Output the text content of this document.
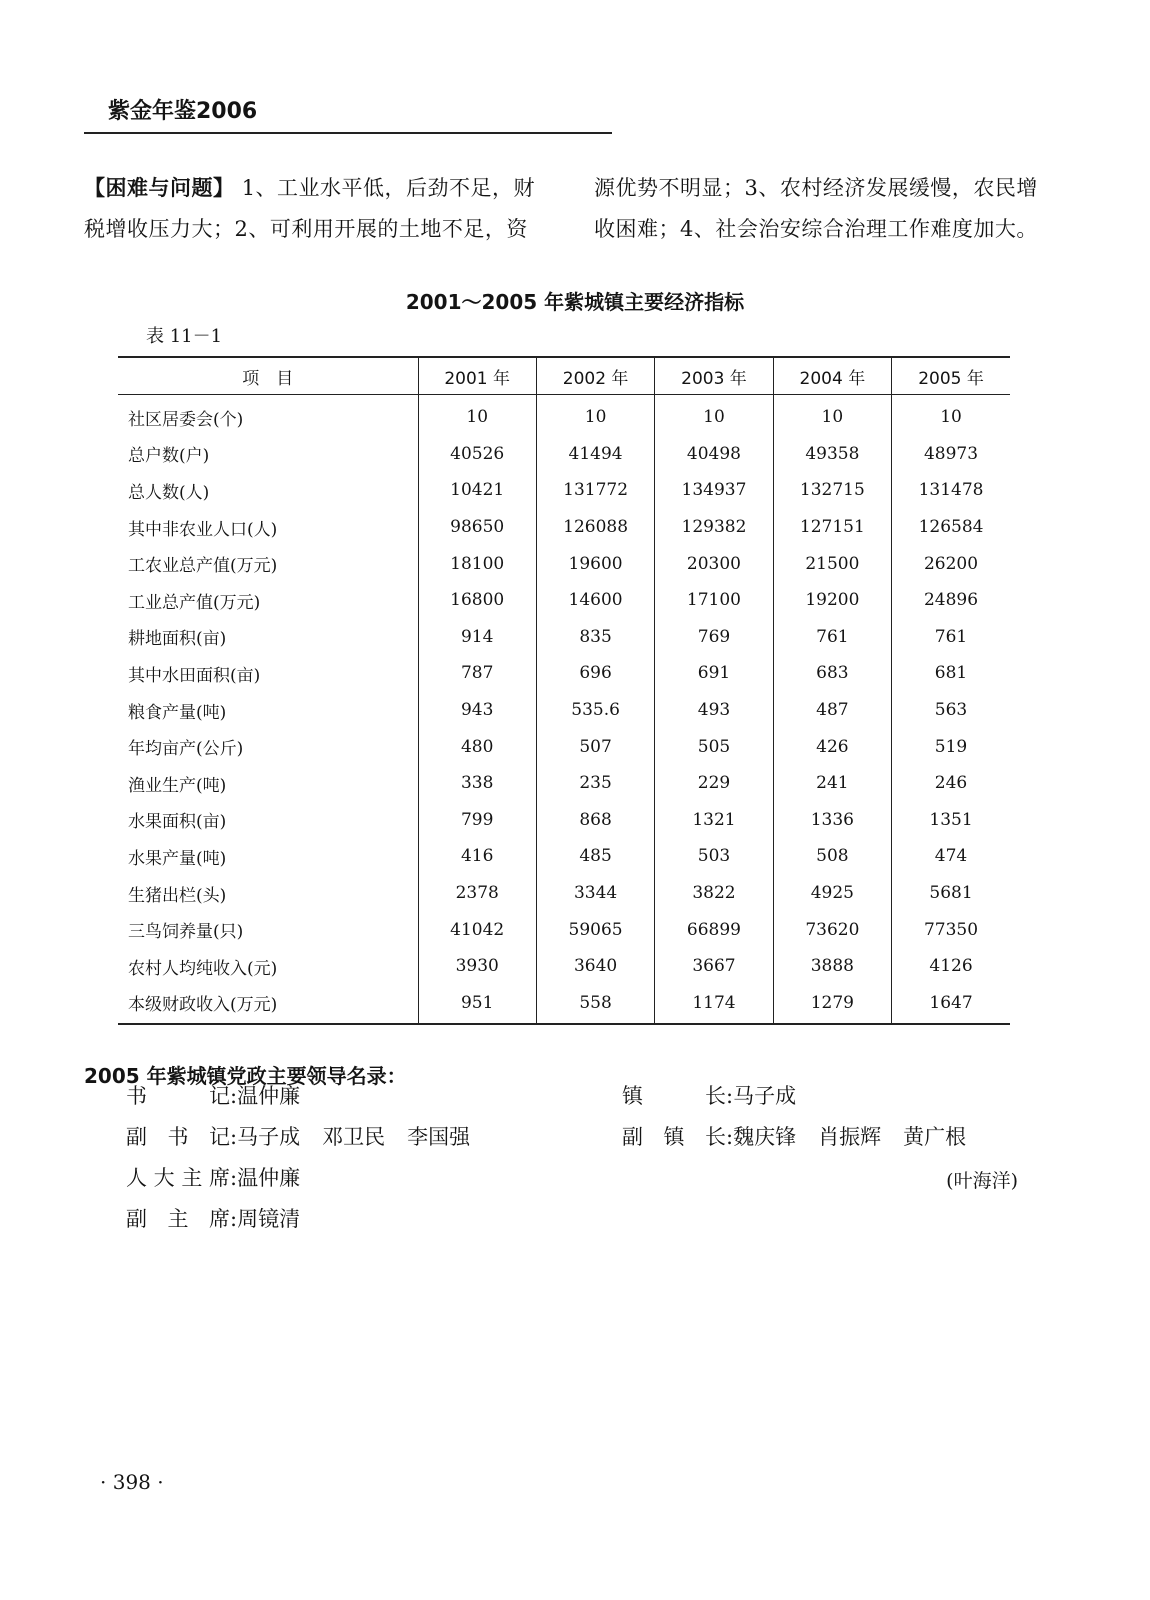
紫金年鉴2006
【困难与问题】 1、工业水平低，后劲不足，财
税增收压力大；2、可利用开展的土地不足，资
源优势不明显；3、农村经济发展缓慢，农民增
收困难；4、社会治安综合治理工作难度加大。
2001～2005 年紫城镇主要经济指标
表 11－1
项　目	2001 年	2002 年	2003 年	2004 年	2005 年
社区居委会(个)	10	10	10	10	10
总户数(户)	40526	41494	40498	49358	48973
总人数(人)	10421	131772	134937	132715	131478
其中非农业人口(人)	98650	126088	129382	127151	126584
工农业总产值(万元)	18100	19600	20300	21500	26200
工业总产值(万元)	16800	14600	17100	19200	24896
耕地面积(亩)	914	835	769	761	761
其中水田面积(亩)	787	696	691	683	681
粮食产量(吨)	943	535.6	493	487	563
年均亩产(公斤)	480	507	505	426	519
渔业生产(吨)	338	235	229	241	246
水果面积(亩)	799	868	1321	1336	1351
水果产量(吨)	416	485	503	508	474
生猪出栏(头)	2378	3344	3822	4925	5681
三鸟饲养量(只)	41042	59065	66899	73620	77350
农村人均纯收入(元)	3930	3640	3667	3888	4126
本级财政收入(万元)	951	558	1174	1279	1647
2005 年紫城镇党政主要领导名录：
书记:温仲廉
副书记:马子成 邓卫民 李国强
人大主席:温仲廉
副主席:周镜清
镇长:马子成
副镇长:魏庆锋 肖振辉 黄广根
(叶海洋)
· 398 ·
